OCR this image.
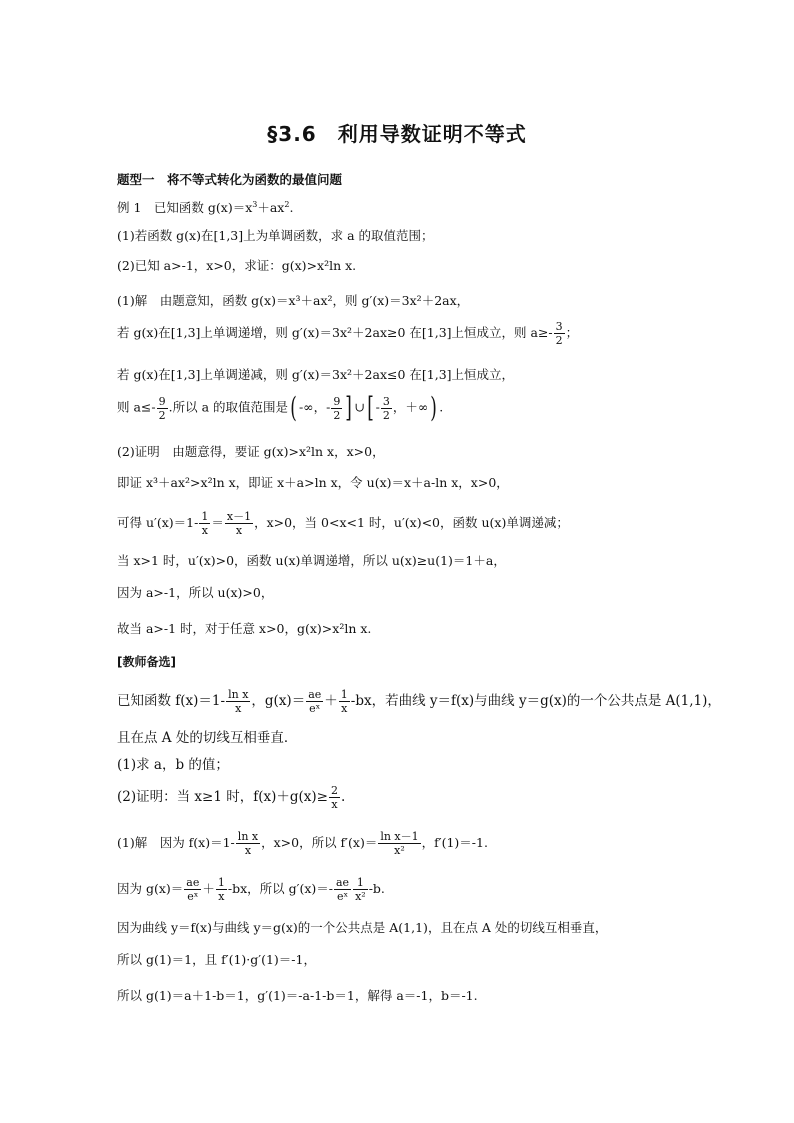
§3.6　利用导数证明不等式
题型一　将不等式转化为函数的最值问题
例 1　已知函数 $g(x)=x^3+ax^2$.
(1)若函数 g(x)在[1,3]上为单调函数，求 a 的取值范围；
(2)已知 a>-1，x>0，求证：g(x)>x²ln x.
(1)解　由题意知，函数 g(x)＝x³＋ax²，则 g′(x)＝3x²＋2ax，
若 g(x)在[1,3]上单调递增，则 g′(x)＝3x²＋2ax≥0 在[1,3]上恒成立，则 $a\ge- \frac{3}{2}$ ；
若 g(x)在[1,3]上单调递减，则 g′(x)＝3x²＋2ax≤0 在[1,3]上恒成立，
则 $a\le- \frac{9}{2}$ .所以 a 的取值范围是( -∞，- $\frac{9}{2}$ ] ∪[ - $\frac{3}{2}$ ，＋∞) .
(2)证明　由题意得，要证 g(x)>x²ln x，x>0，
即证 x³＋ax²>x²ln x，即证 x＋a>ln x，令 u(x)＝x＋a-ln x，x>0，
可得 $u'(x)=1- \frac{1}{x} = \frac{x-1}{x}$ ，x>0，当 0<x<1 时，u′(x)<0，函数 u(x)单调递减；
当 x>1 时，u′(x)>0，函数 u(x)单调递增，所以 u(x)≥u(1)＝1＋a，
因为 a>-1，所以 u(x)>0，
故当 a>-1 时，对于任意 x>0，g(x)>x²ln x.
[教师备选]
已知函数 $f(x)=1- \frac{\text{ln x}}{x}$ ，$g(x)= \frac{ae}{\text{eˣ}} + \frac{1}{x} -bx$，若曲线 y＝f(x)与曲线 y＝g(x)的一个公共点是 A(1,1)，
且在点 A 处的切线互相垂直．
(1)求 a，b 的值；
(2)证明：当 x≥1 时，$f(x)+g(x)\ge \frac{2}{x}$ .
(1)解　因为 $f(x)=1- \frac{\text{ln x}}{x}$ ，x>0，所以 $f'(x)= \frac{\text{ln x－1}}{\text{x²}}$ ，f′(1)＝-1.
因为 $g(x)= \frac{ae}{\text{eˣ}} + \frac{1}{x} -bx$，所以 $g'(x)=- \frac{ae}{\text{eˣ}} \frac{1}{\text{x²}} -b$.
因为曲线 y＝f(x)与曲线 y＝g(x)的一个公共点是 A(1,1)，且在点 A 处的切线互相垂直，
所以 g(1)＝1，且 f′(1)·g′(1)＝-1，
所以 g(1)＝a＋1-b＝1，g′(1)＝-a-1-b＝1，解得 a＝-1，b＝-1.
